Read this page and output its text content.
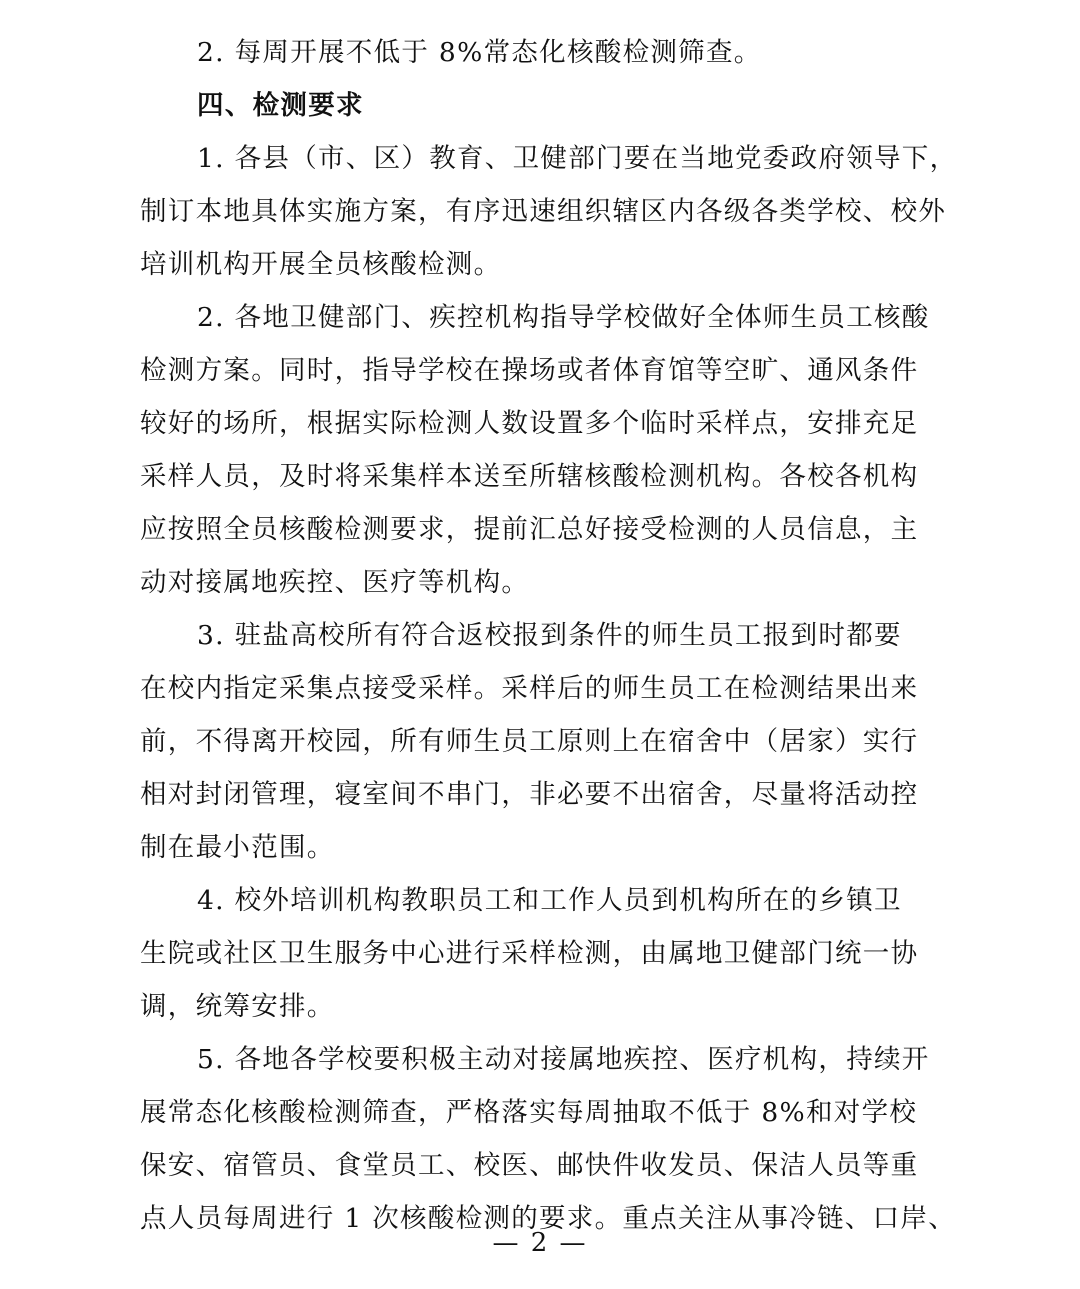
2. 每周开展不低于 8%常态化核酸检测筛查。

四、检测要求

1. 各县（市、区）教育、卫健部门要在当地党委政府领导下，
制订本地具体实施方案，有序迅速组织辖区内各级各类学校、校外
培训机构开展全员核酸检测。

2. 各地卫健部门、疾控机构指导学校做好全体师生员工核酸
检测方案。同时，指导学校在操场或者体育馆等空旷、通风条件
较好的场所，根据实际检测人数设置多个临时采样点，安排充足
采样人员，及时将采集样本送至所辖核酸检测机构。各校各机构
应按照全员核酸检测要求，提前汇总好接受检测的人员信息，主
动对接属地疾控、医疗等机构。

3. 驻盐高校所有符合返校报到条件的师生员工报到时都要
在校内指定采集点接受采样。采样后的师生员工在检测结果出来
前，不得离开校园，所有师生员工原则上在宿舍中（居家）实行
相对封闭管理，寝室间不串门，非必要不出宿舍，尽量将活动控
制在最小范围。

4. 校外培训机构教职员工和工作人员到机构所在的乡镇卫
生院或社区卫生服务中心进行采样检测，由属地卫健部门统一协
调，统筹安排。

5. 各地各学校要积极主动对接属地疾控、医疗机构，持续开
展常态化核酸检测筛查，严格落实每周抽取不低于 8%和对学校
保安、宿管员、食堂员工、校医、邮快件收发员、保洁人员等重
点人员每周进行 1 次核酸检测的要求。重点关注从事冷链、口岸、

— 2 —
